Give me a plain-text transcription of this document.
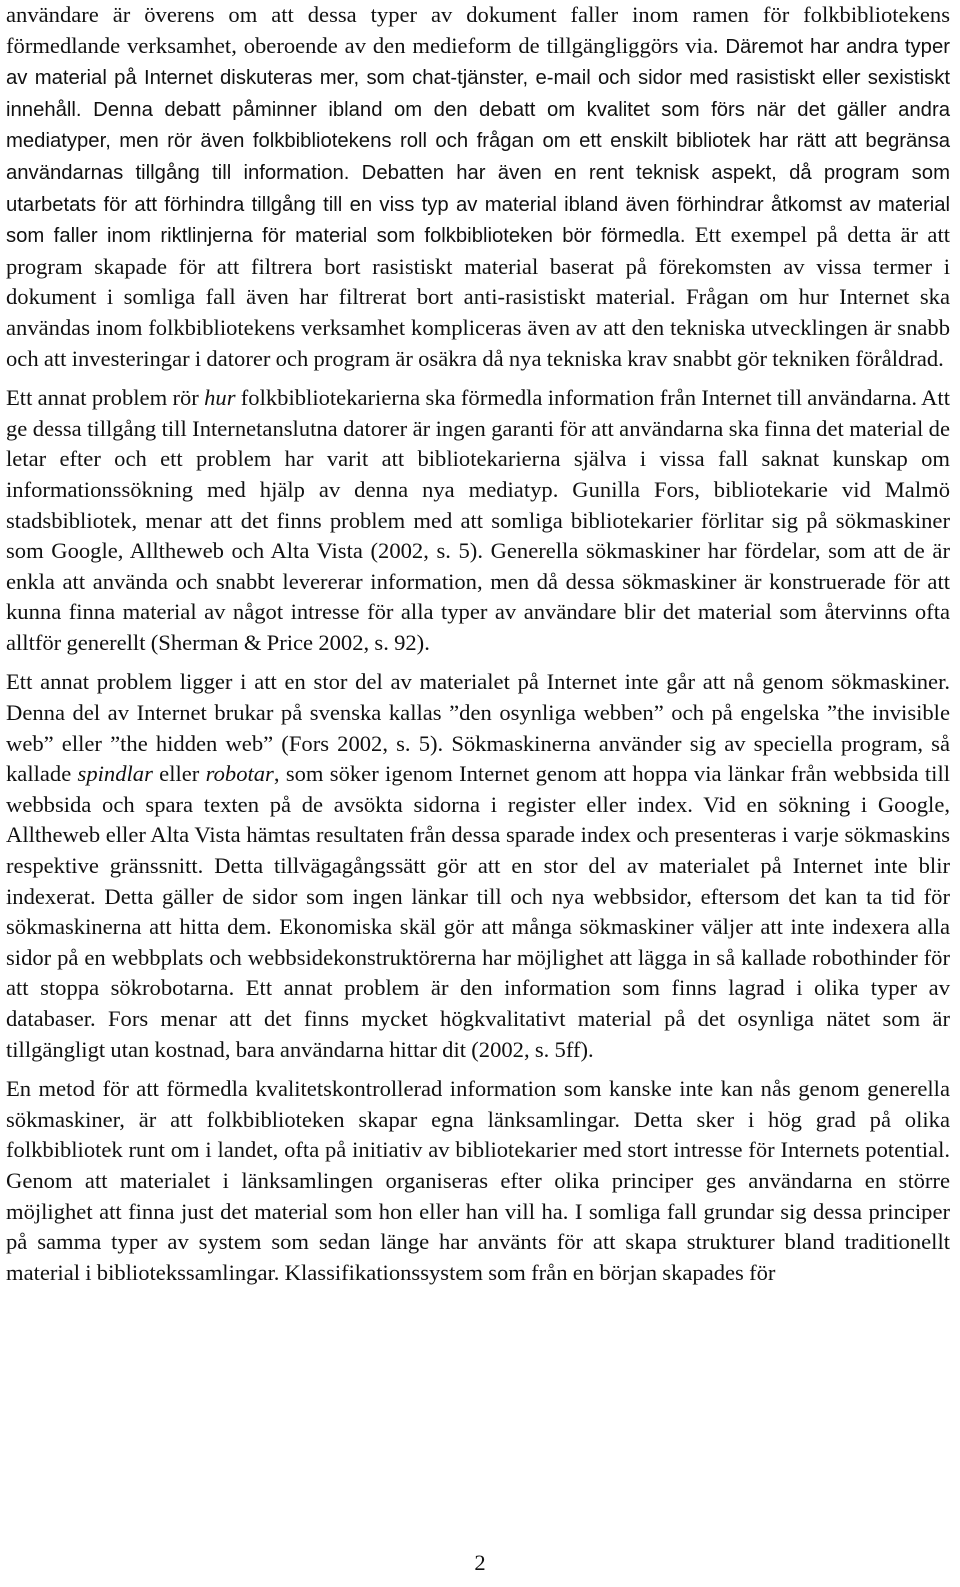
användare är överens om att dessa typer av dokument faller inom ramen för folkbibliotekens förmedlande verksamhet, oberoende av den medieform de tillgängliggörs via. Däremot har andra typer av material på Internet diskuteras mer, som chat-tjänster, e-mail och sidor med rasistiskt eller sexistiskt innehåll. Denna debatt påminner ibland om den debatt om kvalitet som förs när det gäller andra mediatyper, men rör även folkbibliotekens roll och frågan om ett enskilt bibliotek har rätt att begränsa användarnas tillgång till information. Debatten har även en rent teknisk aspekt, då program som utarbetats för att förhindra tillgång till en viss typ av material ibland även förhindrar åtkomst av material som faller inom riktlinjerna för material som folkbiblioteken bör förmedla. Ett exempel på detta är att program skapade för att filtrera bort rasistiskt material baserat på förekomsten av vissa termer i dokument i somliga fall även har filtrerat bort anti-rasistiskt material. Frågan om hur Internet ska användas inom folkbibliotekens verksamhet kompliceras även av att den tekniska utvecklingen är snabb och att investeringar i datorer och program är osäkra då nya tekniska krav snabbt gör tekniken föråldrad.

Ett annat problem rör hur folkbibliotekarierna ska förmedla information från Internet till användarna. Att ge dessa tillgång till Internetanslutna datorer är ingen garanti för att användarna ska finna det material de letar efter och ett problem har varit att bibliotekarierna själva i vissa fall saknat kunskap om informationssökning med hjälp av denna nya mediatyp. Gunilla Fors, bibliotekarie vid Malmö stadsbibliotek, menar att det finns problem med att somliga bibliotekarier förlitar sig på sökmaskiner som Google, Alltheweb och Alta Vista (2002, s. 5). Generella sökmaskiner har fördelar, som att de är enkla att använda och snabbt levererar information, men då dessa sökmaskiner är konstruerade för att kunna finna material av något intresse för alla typer av användare blir det material som återvinns ofta alltför generellt (Sherman & Price 2002, s. 92).

Ett annat problem ligger i att en stor del av materialet på Internet inte går att nå genom sökmaskiner. Denna del av Internet brukar på svenska kallas ”den osynliga webben” och på engelska ”the invisible web” eller ”the hidden web” (Fors 2002, s. 5). Sökmaskinerna använder sig av speciella program, så kallade spindlar eller robotar, som söker igenom Internet genom att hoppa via länkar från webbsida till webbsida och spara texten på de avsökta sidorna i register eller index. Vid en sökning i Google, Alltheweb eller Alta Vista hämtas resultaten från dessa sparade index och presenteras i varje sökmaskins respektive gränssnitt. Detta tillvägagångssätt gör att en stor del av materialet på Internet inte blir indexerat. Detta gäller de sidor som ingen länkar till och nya webbsidor, eftersom det kan ta tid för sökmaskinerna att hitta dem. Ekonomiska skäl gör att många sökmaskiner väljer att inte indexera alla sidor på en webbplats och webbsidekonstruktörerna har möjlighet att lägga in så kallade robothinder för att stoppa sökrobotarna. Ett annat problem är den information som finns lagrad i olika typer av databaser. Fors menar att det finns mycket högkvalitativt material på det osynliga nätet som är tillgängligt utan kostnad, bara användarna hittar dit (2002, s. 5ff).

En metod för att förmedla kvalitetskontrollerad information som kanske inte kan nås genom generella sökmaskiner, är att folkbiblioteken skapar egna länksamlingar. Detta sker i hög grad på olika folkbibliotek runt om i landet, ofta på initiativ av bibliotekarier med stort intresse för Internets potential. Genom att materialet i länksamlingen organiseras efter olika principer ges användarna en större möjlighet att finna just det material som hon eller han vill ha. I somliga fall grundar sig dessa principer på samma typer av system som sedan länge har använts för att skapa strukturer bland traditionellt material i bibliotekssamlingar. Klassifikationssystem som från en början skapades för

2
